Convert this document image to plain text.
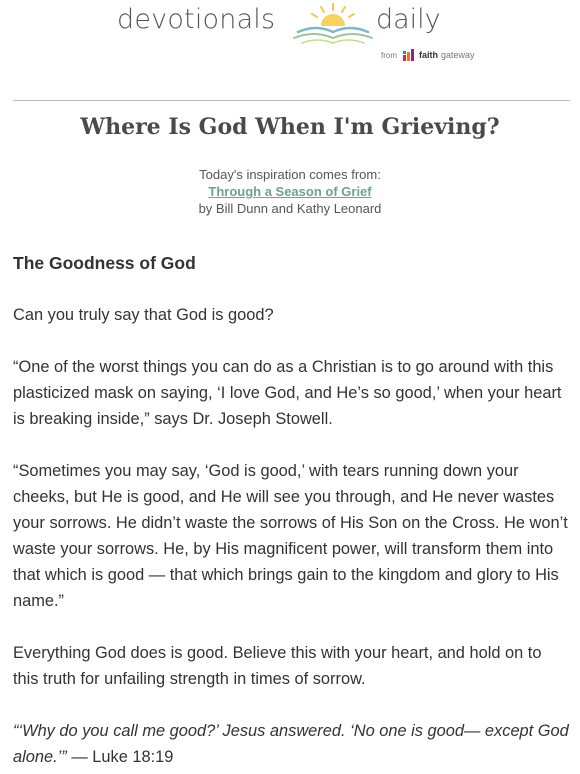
devotionals	daily
from faith gateway
Where Is God When I'm Grieving?
Today's inspiration comes from:
Through a Season of Grief
by Bill Dunn and Kathy Leonard
The Goodness of God

Can you truly say that God is good?

“One of the worst things you can do as a Christian is to go around with this plasticized mask on saying, ‘I love God, and He’s so good,’ when your heart is breaking inside,” says Dr. Joseph Stowell.

“Sometimes you may say, ‘God is good,’ with tears running down your cheeks, but He is good, and He will see you through, and He never wastes your sorrows. He didn’t waste the sorrows of His Son on the Cross. He won’t waste your sorrows. He, by His magnificent power, will transform them into that which is good — that which brings gain to the kingdom and glory to His name.”

Everything God does is good. Believe this with your heart, and hold on to this truth for unfailing strength in times of sorrow.

“‘Why do you call me good?’ Jesus answered. ‘No one is good— except God alone.’” — Luke 18:19
